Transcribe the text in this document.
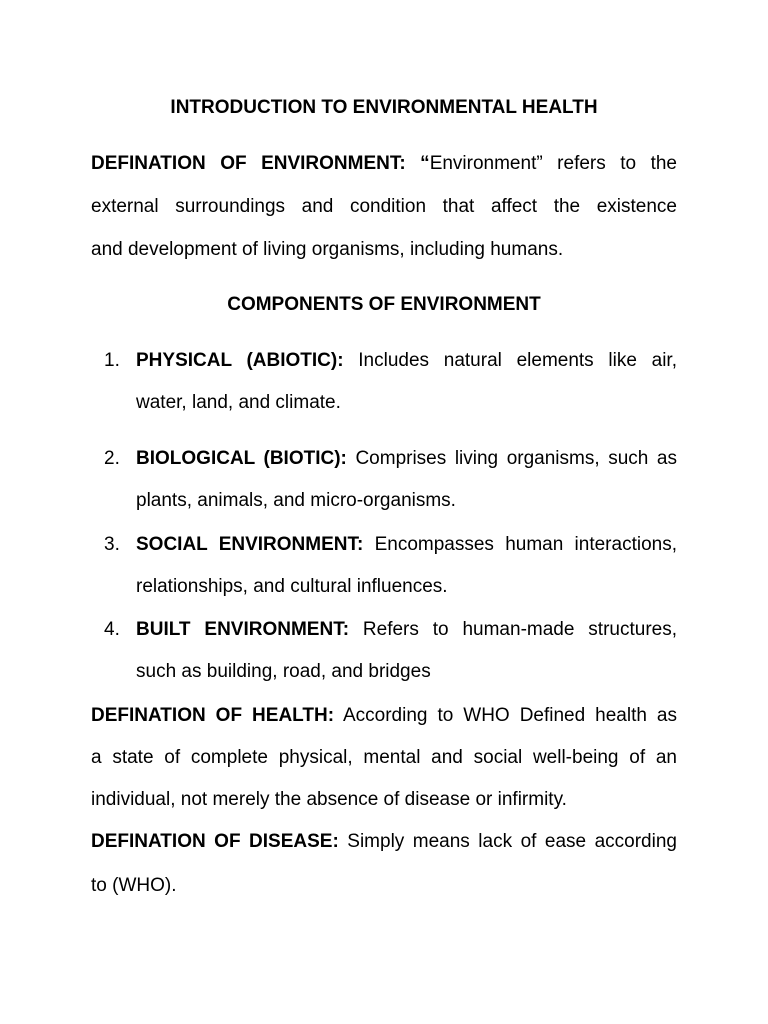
INTRODUCTION TO ENVIRONMENTAL HEALTH
DEFINATION OF ENVIRONMENT: “Environment” refers to the
external surroundings and condition that affect the existence
and development of living organisms, including humans.
COMPONENTS OF ENVIRONMENT
1. PHYSICAL (ABIOTIC): Includes natural elements like air,
water, land, and climate.
2. BIOLOGICAL (BIOTIC): Comprises living organisms, such as
plants, animals, and micro-organisms.
3. SOCIAL ENVIRONMENT: Encompasses human interactions,
relationships, and cultural influences.
4. BUILT ENVIRONMENT: Refers to human-made structures,
such as building, road, and bridges
DEFINATION OF HEALTH: According to WHO Defined health as
a state of complete physical, mental and social well-being of an
individual, not merely the absence of disease or infirmity.
DEFINATION OF DISEASE: Simply means lack of ease according
to (WHO).
